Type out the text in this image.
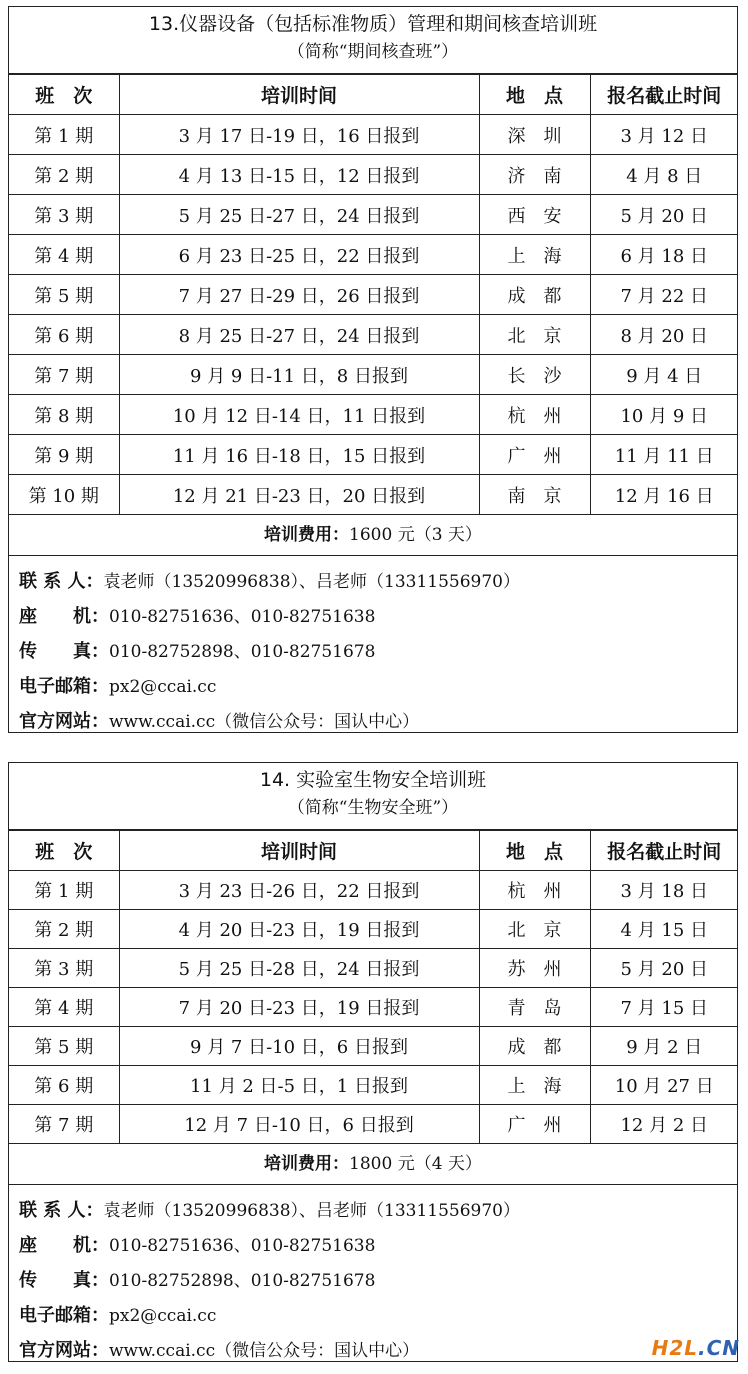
13.仪器设备（包括标准物质）管理和期间核查培训班
（简称“期间核查班”）
班　次	培训时间	地　点	报名截止时间
第 1 期	3 月 17 日-19 日，16 日报到	深　圳	3 月 12 日
第 2 期	4 月 13 日-15 日，12 日报到	济　南	4 月 8 日
第 3 期	5 月 25 日-27 日，24 日报到	西　安	5 月 20 日
第 4 期	6 月 23 日-25 日，22 日报到	上　海	6 月 18 日
第 5 期	7 月 27 日-29 日，26 日报到	成　都	7 月 22 日
第 6 期	8 月 25 日-27 日，24 日报到	北　京	8 月 20 日
第 7 期	9 月 9 日-11 日，8 日报到	长　沙	9 月 4 日
第 8 期	10 月 12 日-14 日，11 日报到	杭　州	10 月 9 日
第 9 期	11 月 16 日-18 日，15 日报到	广　州	11 月 11 日
第 10 期	12 月 21 日-23 日，20 日报到	南　京	12 月 16 日
培训费用：1600 元（3 天）
联 系 人：袁老师（13520996838）、吕老师（13311556970）
座　　机：010-82751636、010-82751638
传　　真：010-82752898、010-82751678
电子邮箱：px2@ccai.cc
官方网站：www.ccai.cc（微信公众号：国认中心）
14. 实验室生物安全培训班
（简称“生物安全班”）
班　次	培训时间	地　点	报名截止时间
第 1 期	3 月 23 日-26 日，22 日报到	杭　州	3 月 18 日
第 2 期	4 月 20 日-23 日，19 日报到	北　京	4 月 15 日
第 3 期	5 月 25 日-28 日，24 日报到	苏　州	5 月 20 日
第 4 期	7 月 20 日-23 日，19 日报到	青　岛	7 月 15 日
第 5 期	9 月 7 日-10 日，6 日报到	成　都	9 月 2 日
第 6 期	11 月 2 日-5 日，1 日报到	上　海	10 月 27 日
第 7 期	12 月 7 日-10 日，6 日报到	广　州	12 月 2 日
培训费用：1800 元（4 天）
联 系 人：袁老师（13520996838）、吕老师（13311556970）
座　　机：010-82751636、010-82751638
传　　真：010-82752898、010-82751678
电子邮箱：px2@ccai.cc
官方网站：www.ccai.cc（微信公众号：国认中心）	H2L.CN
